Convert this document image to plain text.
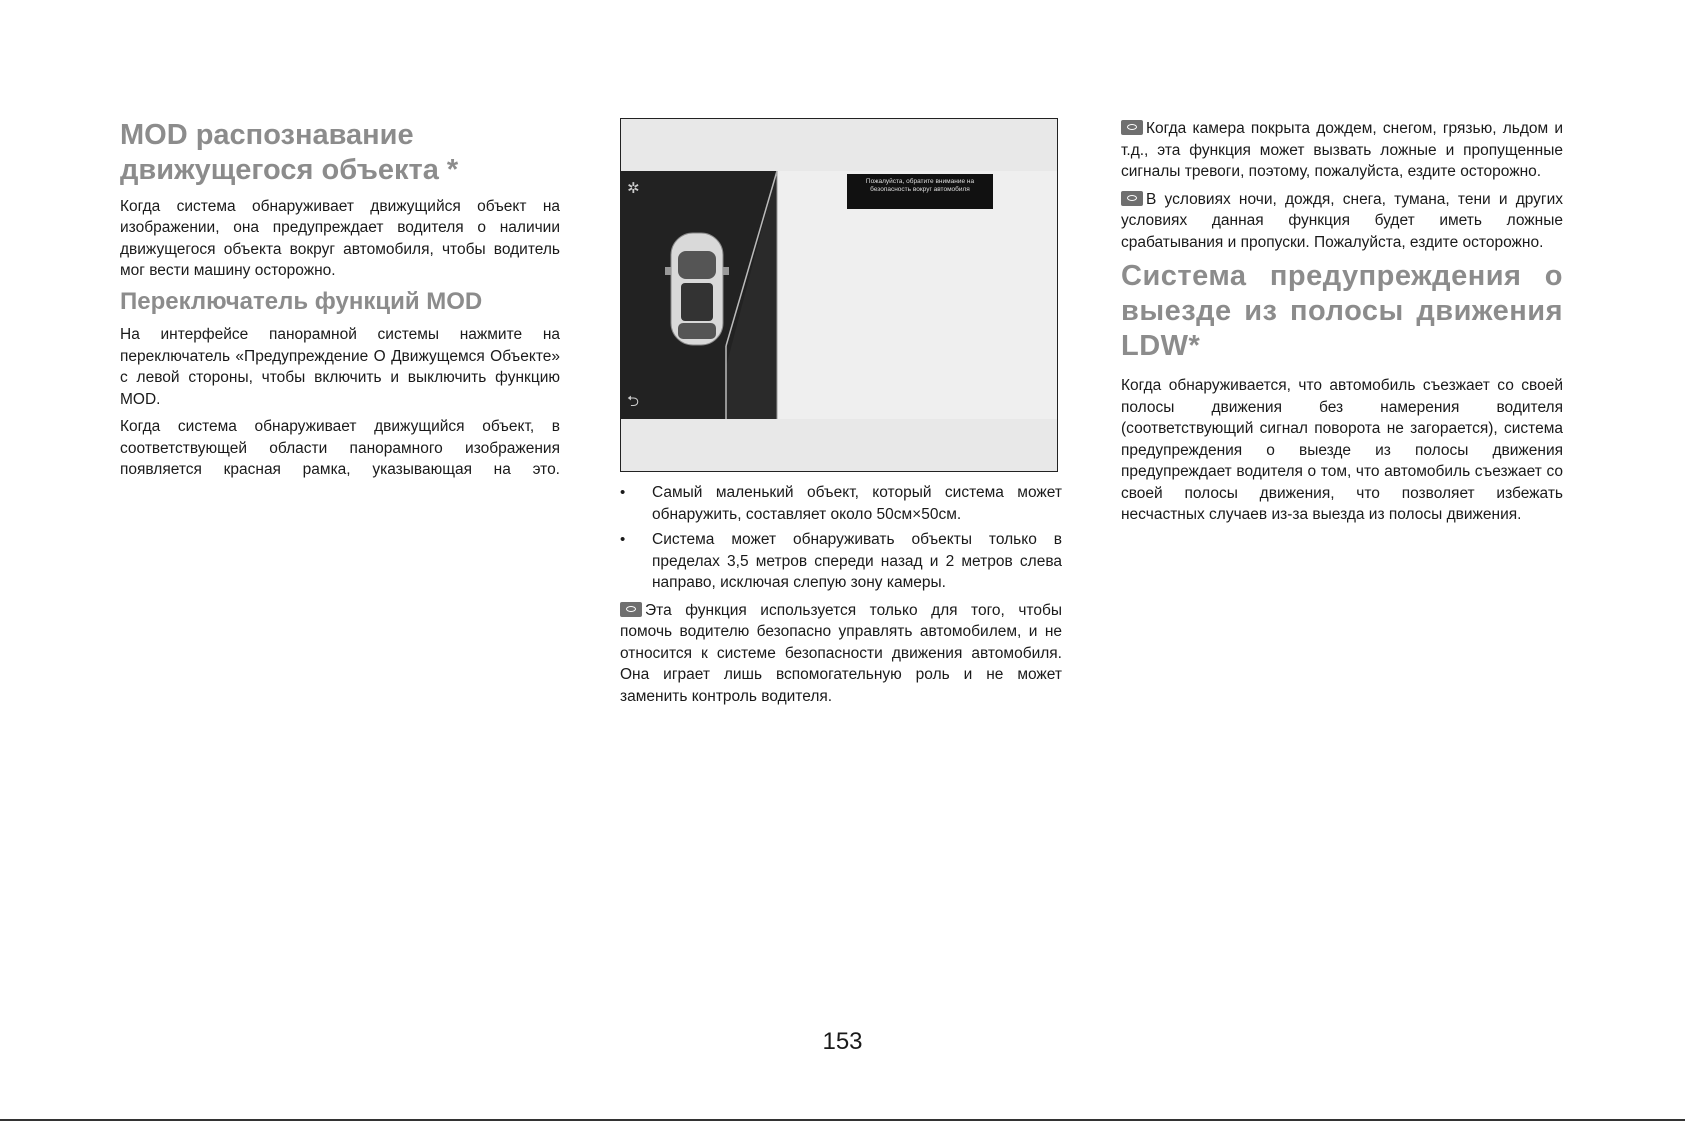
MOD распознавание движущегося объекта *

Когда система обнаруживает движущийся объект на изображении, она предупреждает водителя о наличии движущегося объекта вокруг автомобиля, чтобы водитель мог вести машину осторожно.

Переключатель функций MOD

На интерфейсе панорамной системы нажмите на переключатель «Предупреждение О Движущемся Объекте» с левой стороны, чтобы включить и выключить функцию MOD.

Когда система обнаруживает движущийся объект, в соответствующей области панорамного изображения появляется красная рамка, указывающая на это.

✲
⮌
Пожалуйста, обратите внимание на безопасность вокруг автомобиля
• Самый маленький объект, который система может обнаружить, составляет около 50см×50см.
• Система может обнаруживать объекты только в пределах 3,5 метров спереди назад и 2 метров слева направо, исключая слепую зону камеры.

Эта функция используется только для того, чтобы помочь водителю безопасно управлять автомобилем, и не относится к системе безопасности движения автомобиля. Она играет лишь вспомогательную роль и не может заменить контроль водителя.

Когда камера покрыта дождем, снегом, грязью, льдом и т.д., эта функция может вызвать ложные и пропущенные сигналы тревоги, поэтому, пожалуйста, ездите осторожно.

В условиях ночи, дождя, снега, тумана, тени и других условиях данная функция будет иметь ложные срабатывания и пропуски. Пожалуйста, ездите осторожно.

Система предупреждения о выезде из полосы движения LDW*

Когда обнаруживается, что автомобиль съезжает со своей полосы движения без намерения водителя (соответствующий сигнал поворота не загорается), система предупреждения о выезде из полосы движения предупреждает водителя о том, что автомобиль съезжает со своей полосы движения, что позволяет избежать несчастных случаев из-за выезда из полосы движения.

153
